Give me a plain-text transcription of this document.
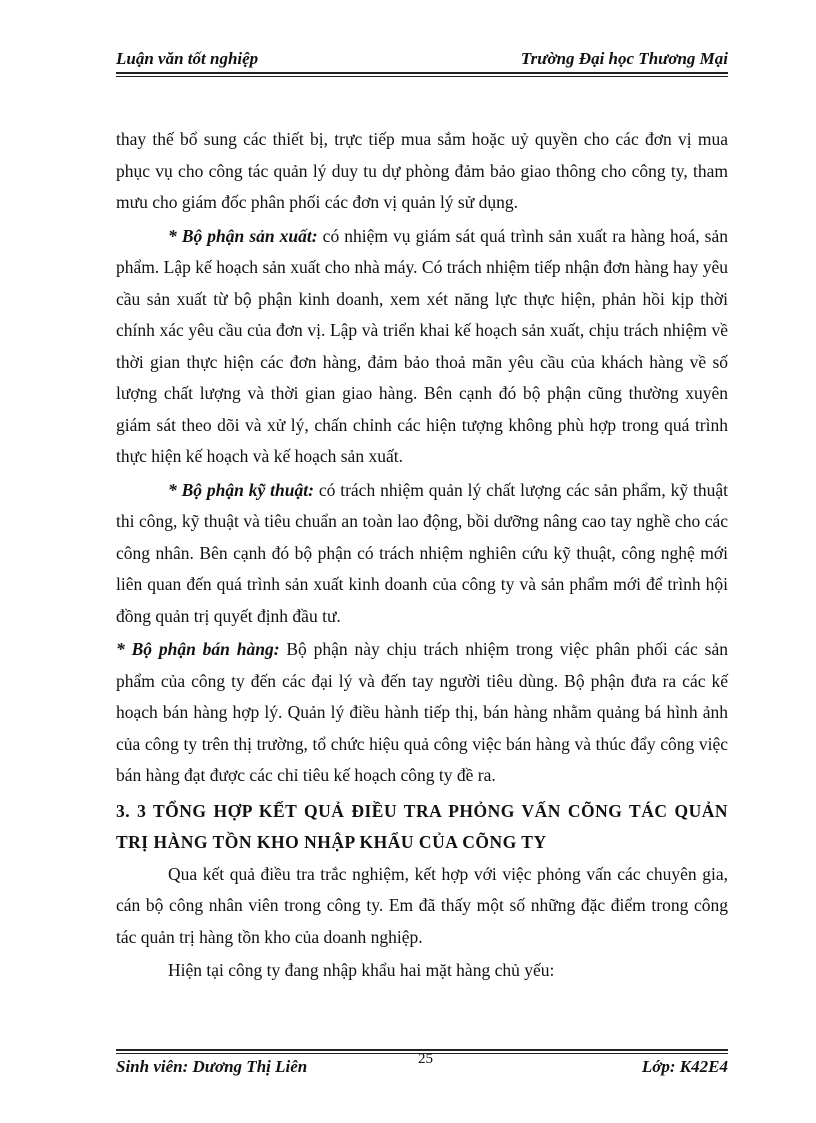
Luận văn tốt nghiệp	Trường Đại học Thương Mại

thay thế bổ sung các thiết bị, trực tiếp mua sắm hoặc uỷ quyền cho các đơn vị mua phục vụ cho công tác quản lý duy tu dự phòng đảm bảo giao thông cho công ty, tham mưu cho giám đốc phân phối các đơn vị quản lý sử dụng.

* Bộ phận sản xuất: có nhiệm vụ giám sát quá trình sản xuất ra hàng hoá, sản phẩm. Lập kế hoạch sản xuất cho nhà máy. Có trách nhiệm tiếp nhận đơn hàng hay yêu cầu sản xuất từ bộ phận kinh doanh, xem xét năng lực thực hiện, phản hồi kịp thời chính xác yêu cầu của đơn vị. Lập và triển khai kế hoạch sản xuất, chịu trách nhiệm về thời gian thực hiện các đơn hàng, đảm bảo thoả mãn yêu cầu của khách hàng về số lượng chất lượng và thời gian giao hàng. Bên cạnh đó bộ phận cũng thường xuyên giám sát theo dõi và xử lý, chấn chỉnh các hiện tượng không phù hợp trong quá trình thực hiện kế hoạch và kế hoạch sản xuất.

* Bộ phận kỹ thuật: có trách nhiệm quản lý chất lượng các sản phẩm, kỹ thuật thi công, kỹ thuật và tiêu chuẩn an toàn lao động, bồi dưỡng nâng cao tay nghề cho các công nhân. Bên cạnh đó bộ phận có trách nhiệm nghiên cứu kỹ thuật, công nghệ mới liên quan đến quá trình sản xuất kinh doanh của công ty và sản phẩm mới để trình hội đồng quản trị quyết định đầu tư.

* Bộ phận bán hàng: Bộ phận này chịu trách nhiệm trong việc phân phối các sản phẩm của công ty đến các đại lý và đến tay người tiêu dùng. Bộ phận đưa ra các kế hoạch bán hàng hợp lý. Quản lý điều hành tiếp thị, bán hàng nhằm quảng bá hình ảnh của công ty trên thị trường, tổ chức hiệu quả công việc bán hàng và thúc đẩy công việc bán hàng đạt được các chỉ tiêu kế hoạch công ty đề ra.

3. 3 TỔNG HỢP KẾT QUẢ ĐIỀU TRA PHỎNG VẤN CÕNG TÁC QUẢN TRỊ HÀNG TỒN KHO NHẬP KHẨU CỦA CÕNG TY

Qua kết quả điều tra trắc nghiệm, kết hợp với việc phỏng vấn các chuyên gia, cán bộ công nhân viên trong công ty. Em đã thấy một số những đặc điểm trong công tác quản trị hàng tồn kho của doanh nghiệp.

Hiện tại công ty đang nhập khẩu hai mặt hàng chủ yếu:

Sinh viên: Dương Thị Liên	25	Lớp: K42E4
